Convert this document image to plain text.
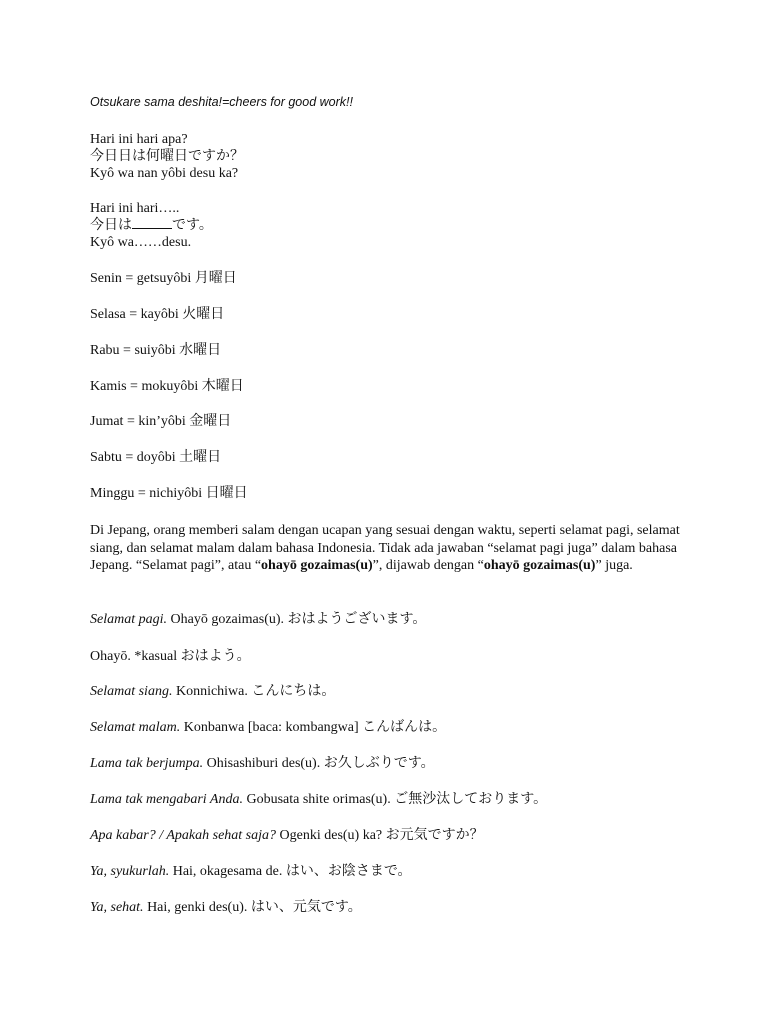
Otsukare sama deshita!=cheers for good work!!
Hari ini hari apa?
今日日は何曜日ですか？
Kyô wa nan yôbi desu ka?
Hari ini hari…..
今日は	です。
Kyô wa……desu.
Senin = getsuyôbi 月曜日
Selasa = kayôbi 火曜日
Rabu = suiyôbi 水曜日
Kamis = mokuyôbi 木曜日
Jumat = kin’yôbi 金曜日
Sabtu = doyôbi 土曜日
Minggu = nichiyôbi 日曜日
Di Jepang, orang memberi salam dengan ucapan yang sesuai dengan waktu, seperti selamat pagi, selamat siang, dan selamat malam dalam bahasa Indonesia. Tidak ada jawaban “selamat pagi juga” dalam bahasa Jepang. “Selamat pagi”, atau “ohayō gozaimas(u)”, dijawab dengan “ohayō gozaimas(u)” juga.
Selamat pagi. Ohayō gozaimas(u). おはようございます。
Ohayō. *kasual おはよう。
Selamat siang. Konnichiwa. こんにちは。
Selamat malam. Konbanwa [baca: kombangwa] こんばんは。
Lama tak berjumpa. Ohisashiburi des(u). お久しぶりです。
Lama tak mengabari Anda. Gobusata shite orimas(u). ご無沙汰しております。
Apa kabar? / Apakah sehat saja? Ogenki des(u) ka? お元気ですか？
Ya, syukurlah. Hai, okagesama de. はい、お陰さまで。
Ya, sehat. Hai, genki des(u). はい、元気です。
